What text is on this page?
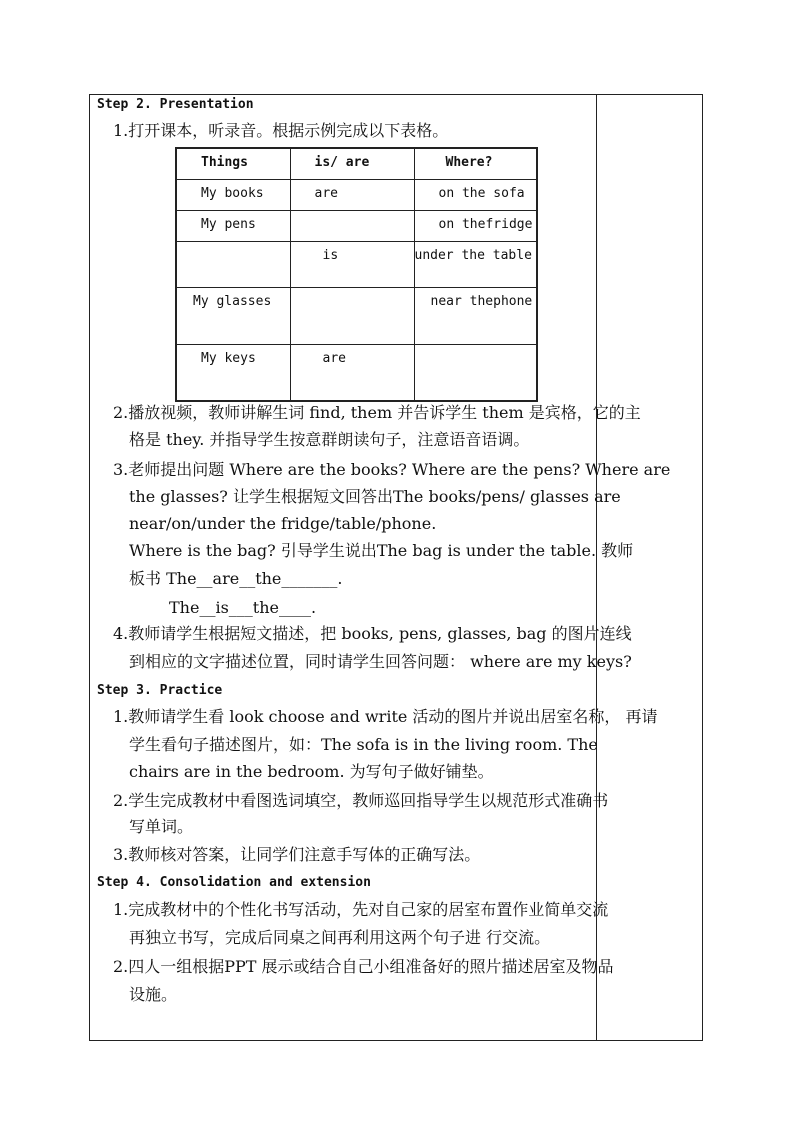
Step 2. Presentation
1.打开课本，听录音。根据示例完成以下表格。
Things	is/ are	Where?

My books	are	on the sofa

My pens		on thefridge

	is	under the table

My glasses		near thephone

My keys	are	

2.播放视频，教师讲解生词 find, them 并告诉学生 them 是宾格，它的主
格是 they. 并指导学生按意群朗读句子，注意语音语调。
3.老师提出问题 Where are the books? Where are the pens? Where are
the glasses? 让学生根据短文回答出The books/pens/ glasses are
near/on/under the fridge/table/phone.
Where is the bag? 引导学生说出The bag is under the table. 教师
板书 The__are__the_______.
The__is___the____.
4.教师请学生根据短文描述，把 books, pens, glasses, bag 的图片连线
到相应的文字描述位置，同时请学生回答问题： where are my keys?
Step 3. Practice
1.教师请学生看 look choose and write 活动的图片并说出居室名称， 再请
学生看句子描述图片，如：The sofa is in the living room. The
chairs are in the bedroom. 为写句子做好铺垫。
2.学生完成教材中看图选词填空，教师巡回指导学生以规范形式准确书
写单词。
3.教师核对答案，让同学们注意手写体的正确写法。
Step 4. Consolidation and extension
1.完成教材中的个性化书写活动，先对自己家的居室布置作业简单交流
再独立书写，完成后同桌之间再利用这两个句子进 行交流。
2.四人一组根据PPT 展示或结合自己小组准备好的照片描述居室及物品
设施。
